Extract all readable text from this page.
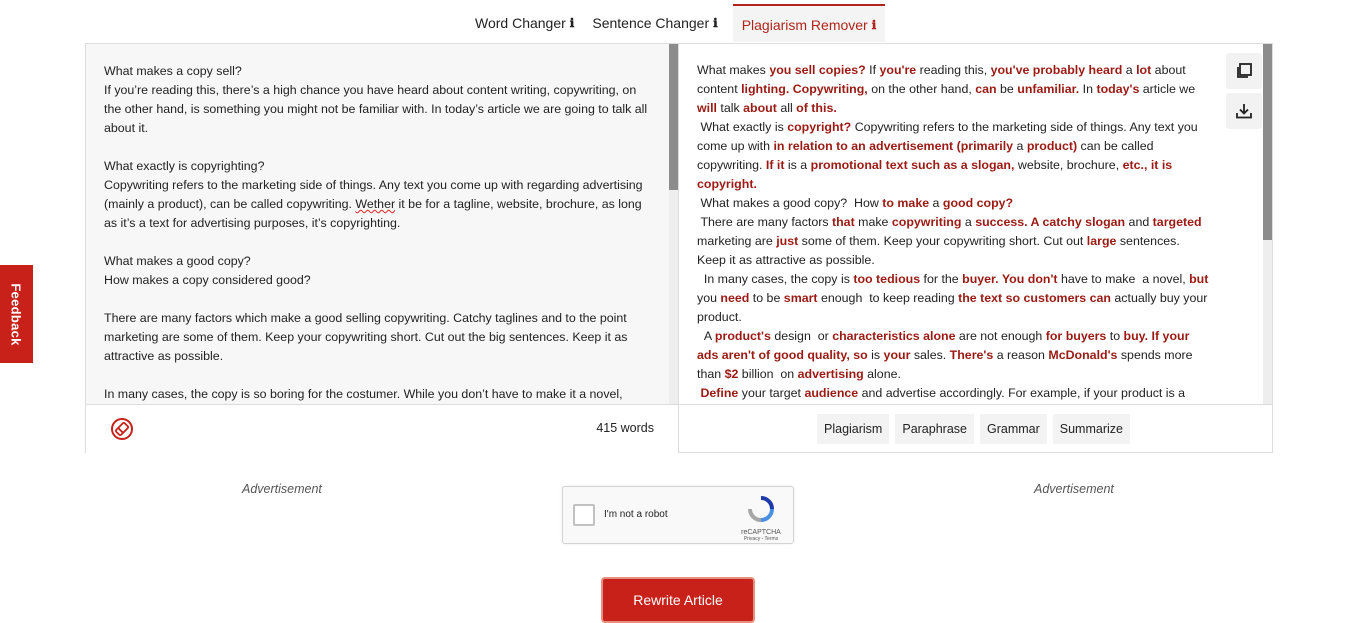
Word Changer ℹ Sentence Changer ℹ Plagiarism Remover ℹ

What makes a copy sell?
If you’re reading this, there’s a high chance you have heard about content writing, copywriting, on the other hand, is something you might not be familiar with. In today’s article we are going to talk all about it.

What exactly is copyrighting?
Copywriting refers to the marketing side of things. Any text you come up with regarding advertising (mainly a product), can be called copywriting. Wether it be for a tagline, website, brochure, as long as it’s a text for advertising purposes, it’s copyrighting.

What makes a good copy?
How makes a copy considered good?

There are many factors which make a good selling copywriting. Catchy taglines and to the point marketing are some of them. Keep your copywriting short. Cut out the big sentences. Keep it as attractive as possible.

In many cases, the copy is so boring for the costumer. While you don’t have to make it a novel,

415 words

What makes you sell copies? If you're reading this, you've probably heard a lot about content lighting. Copywriting, on the other hand, can be unfamiliar. In today's article we will talk about all of this.

What exactly is copyright? Copywriting refers to the marketing side of things. Any text you come up with in relation to an advertisement (primarily a product) can be called copywriting. If it is a promotional text such as a slogan, website, brochure, etc., it is copyright.

What makes a good copy?  How to make a good copy?

There are many factors that make copywriting a success. A catchy slogan and targeted marketing are just some of them. Keep your copywriting short. Cut out large sentences. Keep it as attractive as possible.

In many cases, the copy is too tedious for the buyer. You don't have to make  a novel, but you need to be smart enough  to keep reading the text so customers can actually buy your product.

A product's design  or characteristics alone are not enough for buyers to buy. If your ads aren't of good quality, so is your sales. There's a reason McDonald's spends more than $2 billion  on advertising alone.

Define your target audience and advertise accordingly. For example, if your product is a

Plagiarism	Paraphrase	Grammar	Summarize
Feedback
Advertisement	Advertisement
I'm not a robot
reCAPTCHA
Privacy - Terms
Rewrite Article
